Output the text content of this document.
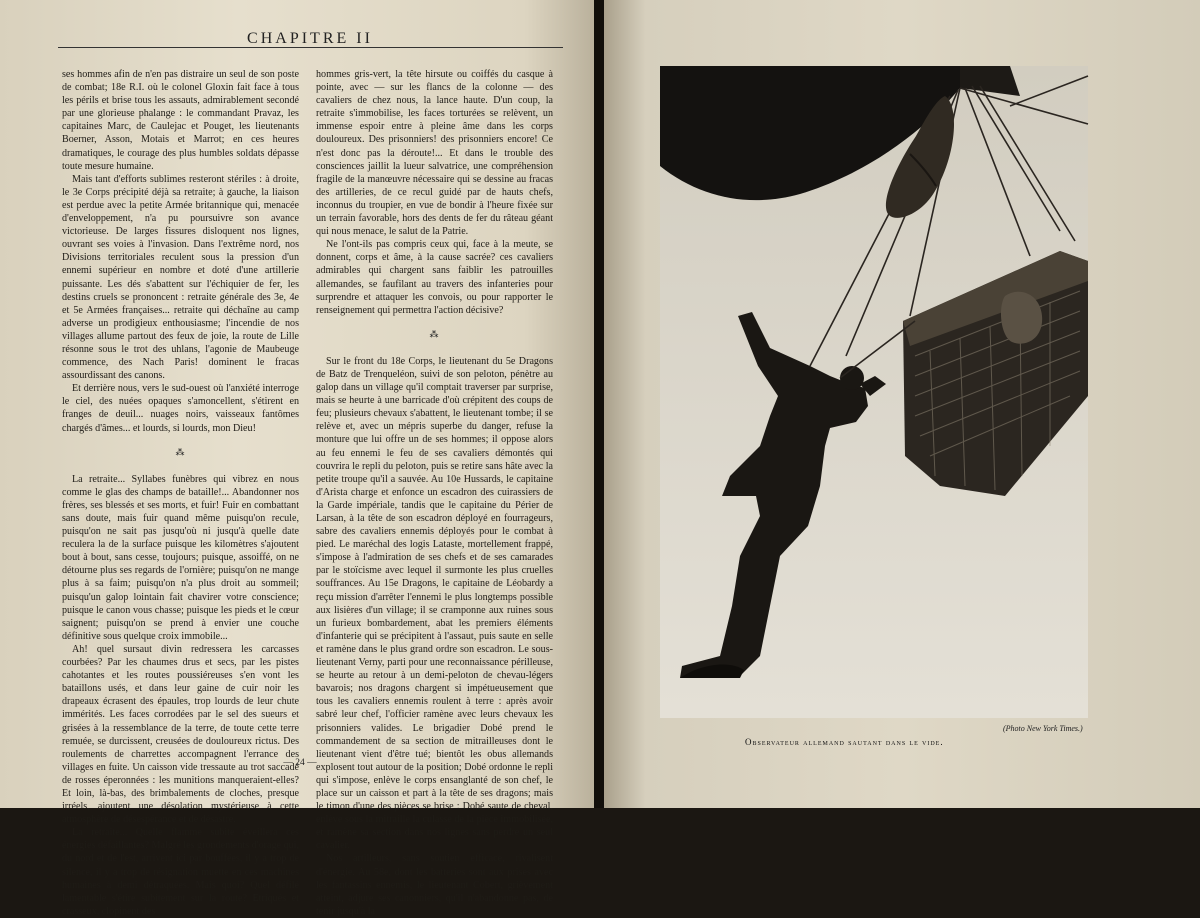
CHAPITRE II

ses hommes afin de n'en pas distraire un seul de son poste de combat; 18e R.I. où le colonel Gloxin fait face à tous les périls et brise tous les assauts, admirablement secondé par une glorieuse phalange : le commandant Pravaz, les capitaines Marc, de Caulejac et Pouget, les lieutenants Boerner, Asson, Motais et Marrot; en ces heures dramatiques, le courage des plus humbles soldats dépasse toute mesure humaine.

Mais tant d'efforts sublimes resteront stériles : à droite, le 3e Corps précipité déjà sa retraite; à gauche, la liaison est perdue avec la petite Armée britannique qui, menacée d'enveloppement, n'a pu poursuivre son avance victorieuse. De larges fissures disloquent nos lignes, ouvrant ses voies à l'invasion. Dans l'extrême nord, nos Divisions territoriales reculent sous la pression d'un ennemi supérieur en nombre et doté d'une artillerie puissante. Les dés s'abattent sur l'échiquier de fer, les destins cruels se prononcent : retraite générale des 3e, 4e et 5e Armées françaises... retraite qui déchaîne au camp adverse un prodigieux enthousiasme; l'incendie de nos villages allume partout des feux de joie, la route de Lille résonne sous le trot des uhlans, l'agonie de Maubeuge commence, des Nach Paris! dominent le fracas assourdissant des canons.

Et derrière nous, vers le sud-ouest où l'anxiété interroge le ciel, des nuées opaques s'amoncellent, s'étirent en franges de deuil... nuages noirs, vaisseaux fantômes chargés d'âmes... et lourds, si lourds, mon Dieu!

⁂

La retraite... Syllabes funèbres qui vibrez en nous comme le glas des champs de bataille!... Abandonner nos frères, ses blessés et ses morts, et fuir! Fuir en combattant sans doute, mais fuir quand même puisqu'on recule, puisqu'on ne sait pas jusqu'où ni jusqu'à quelle date reculera la de la surface puisque les kilomètres s'ajoutent bout à bout, sans cesse, toujours; puisque, assoiffé, on ne détourne plus ses regards de l'ornière; puisqu'on ne mange plus à sa faim; puisqu'on n'a plus droit au sommeil; puisqu'un galop lointain fait chavirer votre conscience; puisque le canon vous chasse; puisque les pieds et le cœur saignent; puisqu'on se prend à envier une couche définitive sous quelque croix immobile...

Ah! quel sursaut divin redressera les carcasses courbées? Par les chaumes drus et secs, par les pistes cahotantes et les routes poussiéreuses s'en vont les bataillons usés, et dans leur gaine de cuir noir les drapeaux écrasent des épaules, trop lourds de leur chute immérités. Les faces corrodées par le sel des sueurs et grisées à la ressemblance de la terre, de toute cette terre remuée, se durcissent, creusées de douloureux rictus. Des roulements de charrettes accompagnent l'errance des villages en fuite. Un caisson vide tressaute au trot saccadé de rosses éperonnées : les munitions manqueraient-elles? Et loin, là-bas, des brimbalements de cloches, presque irréels, ajoutent une désolation mystérieuse à cette atmosphère de désespérance et de désastre.

La retraite... Quelle flamme subite éveillera ces énergies défaillantes? Malgré les grondements d'orage qui, du nord et de l'est, arrivent ici par bouffées, il y a trop de silence, il y a trop de résignation muette en ces machines humaines à demi détraquées. Mais quoi? Quel défilé lamentable s'étire subitement sur la route? Etriqués et crasseux, clopinent des

hommes gris-vert, la tête hirsute ou coiffés du casque à pointe, avec — sur les flancs de la colonne — des cavaliers de chez nous, la lance haute. D'un coup, la retraite s'immobilise, les faces torturées se relèvent, un immense espoir entre à pleine âme dans les corps douloureux. Des prisonniers! des prisonniers encore! Ce n'est donc pas la déroute!... Et dans le trouble des consciences jaillit la lueur salvatrice, une compréhension fragile de la manœuvre nécessaire qui se dessine au fracas des artilleries, de ce recul guidé par de hauts chefs, inconnus du troupier, en vue de bondir à l'heure fixée sur un terrain favorable, hors des dents de fer du râteau géant qui nous menace, le salut de la Patrie.

Ne l'ont-ils pas compris ceux qui, face à la meute, se donnent, corps et âme, à la cause sacrée? ces cavaliers admirables qui chargent sans faiblir les patrouilles allemandes, se faufilant au travers des infanteries pour surprendre et attaquer les convois, ou pour rapporter le renseignement qui permettra l'action décisive?

⁂

Sur le front du 18e Corps, le lieutenant du 5e Dragons de Batz de Trenqueléon, suivi de son peloton, pénètre au galop dans un village qu'il comptait traverser par surprise, mais se heurte à une barricade d'où crépitent des coups de feu; plusieurs chevaux s'abattent, le lieutenant tombe; il se relève et, avec un mépris superbe du danger, refuse la monture que lui offre un de ses hommes; il oppose alors au feu ennemi le feu de ses cavaliers démontés qui couvrira le repli du peloton, puis se retire sans hâte avec la petite troupe qu'il a sauvée. Au 10e Hussards, le capitaine d'Arista charge et enfonce un escadron des cuirassiers de la Garde impériale, tandis que le capitaine du Périer de Larsan, à la tête de son escadron déployé en fourrageurs, sabre des cavaliers ennemis déployés pour le combat à pied. Le maréchal des logis Lataste, mortellement frappé, s'impose à l'admiration de ses chefs et de ses camarades par le stoïcisme avec lequel il surmonte les plus cruelles souffrances. Au 15e Dragons, le capitaine de Léobardy a reçu mission d'arrêter l'ennemi le plus longtemps possible aux lisières d'un village; il se cramponne aux ruines sous un furieux bombardement, abat les premiers éléments d'infanterie qui se précipitent à l'assaut, puis saute en selle et ramène dans le plus grand ordre son escadron. Le sous-lieutenant Verny, parti pour une reconnaissance périlleuse, se heurte au retour à un demi-peloton de chevau-légers bavarois; nos dragons chargent si impétueusement que tous les cavaliers ennemis roulent à terre : après avoir sabré leur chef, l'officier ramène avec leurs chevaux les prisonniers valides. Le brigadier Dobé prend le commandement de sa section de mitrailleuses dont le lieutenant vient d'être tué; bientôt les obus allemands explosent tout autour de la position; Dobé ordonne le repli qui s'impose, enlève le corps ensanglanté de son chef, le place sur un caisson et part à la tête de ses dragons; mais le timon d'une des pièces se brise : Dobé saute de cheval, enlève sous la mitraille la culasse de la pièce immobilisée, et ramène sa section dans nos lignes sans perdre un seul cavalier.

Nos artilleurs, sans soutien efficace, rivalisent d'énergie. Au 58e, dont les batteries sont aux prises avec les fantassins ennemis, le lieutenant Cobert, grièvement atteint, adjure ses canonniers, qu'il n'abandonne pas, de tenir jusqu'à la

— 24 —
(Photo New York Times.)
Observateur allemand sautant dans le vide.
